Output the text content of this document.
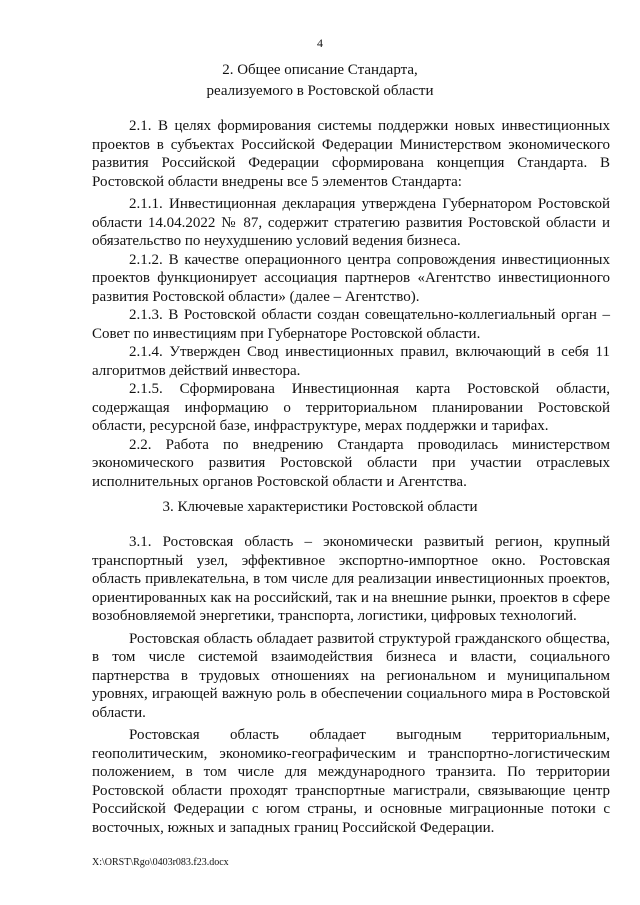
4
2. Общее описание Стандарта,
реализуемого в Ростовской области

2.1. В целях формирования системы поддержки новых инвестиционных проектов в субъектах Российской Федерации Министерством экономического развития Российской Федерации сформирована концепция Стандарта. В Ростовской области внедрены все 5 элементов Стандарта:

2.1.1. Инвестиционная декларация утверждена Губернатором Ростовской области 14.04.2022 № 87, содержит стратегию развития Ростовской области и обязательство по неухудшению условий ведения бизнеса.

2.1.2. В качестве операционного центра сопровождения инвестиционных проектов функционирует ассоциация партнеров «Агентство инвестиционного развития Ростовской области» (далее – Агентство).

2.1.3. В Ростовской области создан совещательно-коллегиальный орган – Совет по инвестициям при Губернаторе Ростовской области.

2.1.4. Утвержден Свод инвестиционных правил, включающий в себя 11 алгоритмов действий инвестора.

2.1.5. Сформирована Инвестиционная карта Ростовской области, содержащая информацию о территориальном планировании Ростовской области, ресурсной базе, инфраструктуре, мерах поддержки и тарифах.

2.2. Работа по внедрению Стандарта проводилась министерством экономического развития Ростовской области при участии отраслевых исполнительных органов Ростовской области и Агентства.

3. Ключевые характеристики Ростовской области

3.1. Ростовская область – экономически развитый регион, крупный транспортный узел, эффективное экспортно-импортное окно. Ростовская область привлекательна, в том числе для реализации инвестиционных проектов, ориентированных как на российский, так и на внешние рынки, проектов в сфере возобновляемой энергетики, транспорта, логистики, цифровых технологий.

Ростовская область обладает развитой структурой гражданского общества, в том числе системой взаимодействия бизнеса и власти, социального партнерства в трудовых отношениях на региональном и муниципальном уровнях, играющей важную роль в обеспечении социального мира в Ростовской области.

Ростовская область обладает выгодным территориальным, геополитическим, экономико-географическим и транспортно-логистическим положением, в том числе для международного транзита. По территории Ростовской области проходят транспортные магистрали, связывающие центр Российской Федерации с югом страны, и основные миграционные потоки с восточных, южных и западных границ Российской Федерации.

X:\ORST\Rgo\0403r083.f23.docx
